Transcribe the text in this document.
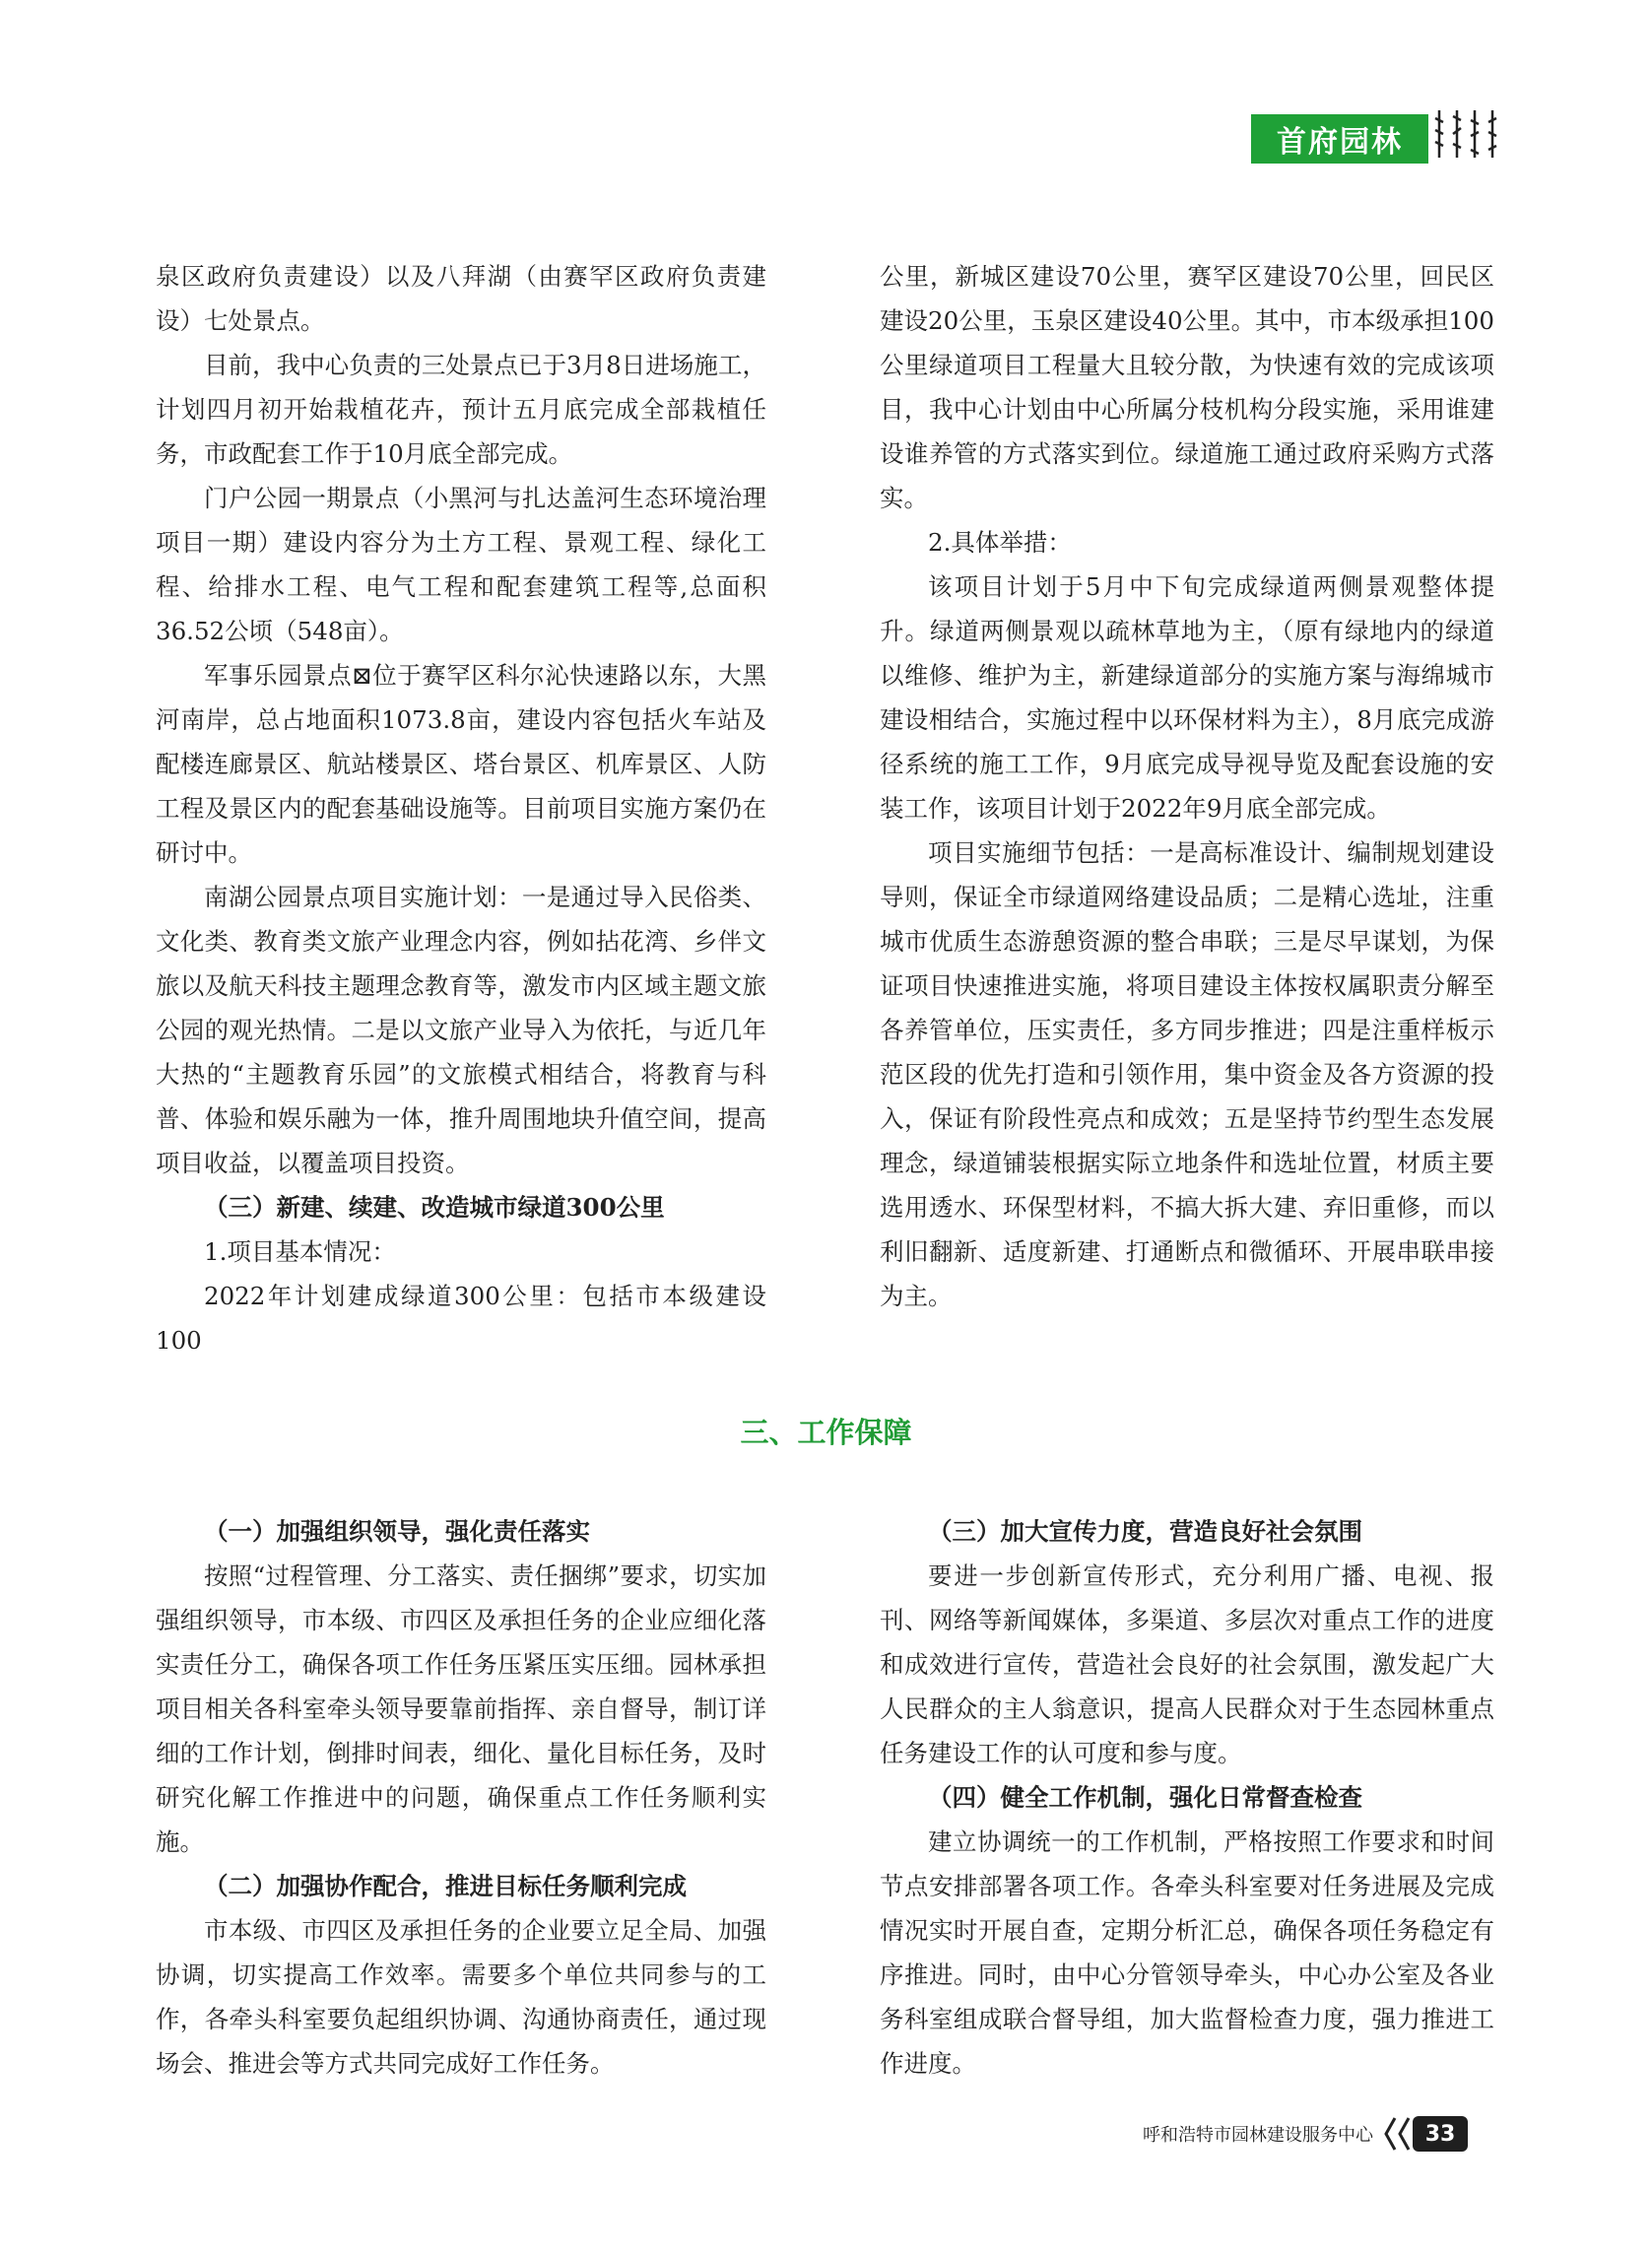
首府园林

泉区政府负责建设）以及八拜湖（由赛罕区政府负责建设）七处景点。

目前，我中心负责的三处景点已于3月8日进场施工，计划四月初开始栽植花卉，预计五月底完成全部栽植任务，市政配套工作于10月底全部完成。

门户公园一期景点（小黑河与扎达盖河生态环境治理项目一期）建设内容分为土方工程、景观工程、绿化工程、给排水工程、电气工程和配套建筑工程等,总面积36.52公顷（548亩）。

军事乐园景点⊠位于赛罕区科尔沁快速路以东，大黑河南岸，总占地面积1073.8亩，建设内容包括火车站及配楼连廊景区、航站楼景区、塔台景区、机库景区、人防工程及景区内的配套基础设施等。目前项目实施方案仍在研讨中。

南湖公园景点项目实施计划：一是通过导入民俗类、文化类、教育类文旅产业理念内容，例如拈花湾、乡伴文旅以及航天科技主题理念教育等，激发市内区域主题文旅公园的观光热情。二是以文旅产业导入为依托，与近几年大热的“主题教育乐园”的文旅模式相结合，将教育与科普、体验和娱乐融为一体，推升周围地块升值空间，提高项目收益，以覆盖项目投资。

（三）新建、续建、改造城市绿道300公里

1.项目基本情况：

2022年计划建成绿道300公里：包括市本级建设100

公里，新城区建设70公里，赛罕区建设70公里，回民区建设20公里，玉泉区建设40公里。其中，市本级承担100公里绿道项目工程量大且较分散，为快速有效的完成该项目，我中心计划由中心所属分枝机构分段实施，采用谁建设谁养管的方式落实到位。绿道施工通过政府采购方式落实。

2.具体举措：

该项目计划于5月中下旬完成绿道两侧景观整体提升。绿道两侧景观以疏林草地为主，（原有绿地内的绿道以维修、维护为主，新建绿道部分的实施方案与海绵城市建设相结合，实施过程中以环保材料为主），8月底完成游径系统的施工工作，9月底完成导视导览及配套设施的安装工作，该项目计划于2022年9月底全部完成。

项目实施细节包括：一是高标准设计、编制规划建设导则，保证全市绿道网络建设品质；二是精心选址，注重城市优质生态游憩资源的整合串联；三是尽早谋划，为保证项目快速推进实施，将项目建设主体按权属职责分解至各养管单位，压实责任，多方同步推进；四是注重样板示范区段的优先打造和引领作用，集中资金及各方资源的投入，保证有阶段性亮点和成效；五是坚持节约型生态发展理念，绿道铺装根据实际立地条件和选址位置，材质主要选用透水、环保型材料，不搞大拆大建、弃旧重修，而以利旧翻新、适度新建、打通断点和微循环、开展串联串接为主。

三、工作保障

（一）加强组织领导，强化责任落实

按照“过程管理、分工落实、责任捆绑”要求，切实加强组织领导，市本级、市四区及承担任务的企业应细化落实责任分工，确保各项工作任务压紧压实压细。园林承担项目相关各科室牵头领导要靠前指挥、亲自督导，制订详细的工作计划，倒排时间表，细化、量化目标任务，及时研究化解工作推进中的问题，确保重点工作任务顺利实施。

（二）加强协作配合，推进目标任务顺利完成

市本级、市四区及承担任务的企业要立足全局、加强协调，切实提高工作效率。需要多个单位共同参与的工作，各牵头科室要负起组织协调、沟通协商责任，通过现场会、推进会等方式共同完成好工作任务。

（三）加大宣传力度，营造良好社会氛围

要进一步创新宣传形式，充分利用广播、电视、报刊、网络等新闻媒体，多渠道、多层次对重点工作的进度和成效进行宣传，营造社会良好的社会氛围，激发起广大人民群众的主人翁意识，提高人民群众对于生态园林重点任务建设工作的认可度和参与度。

（四）健全工作机制，强化日常督查检查

建立协调统一的工作机制，严格按照工作要求和时间节点安排部署各项工作。各牵头科室要对任务进展及完成情况实时开展自查，定期分析汇总，确保各项任务稳定有序推进。同时，由中心分管领导牵头，中心办公室及各业务科室组成联合督导组，加大监督检查力度，强力推进工作进度。

呼和浩特市园林建设服务中心	33
